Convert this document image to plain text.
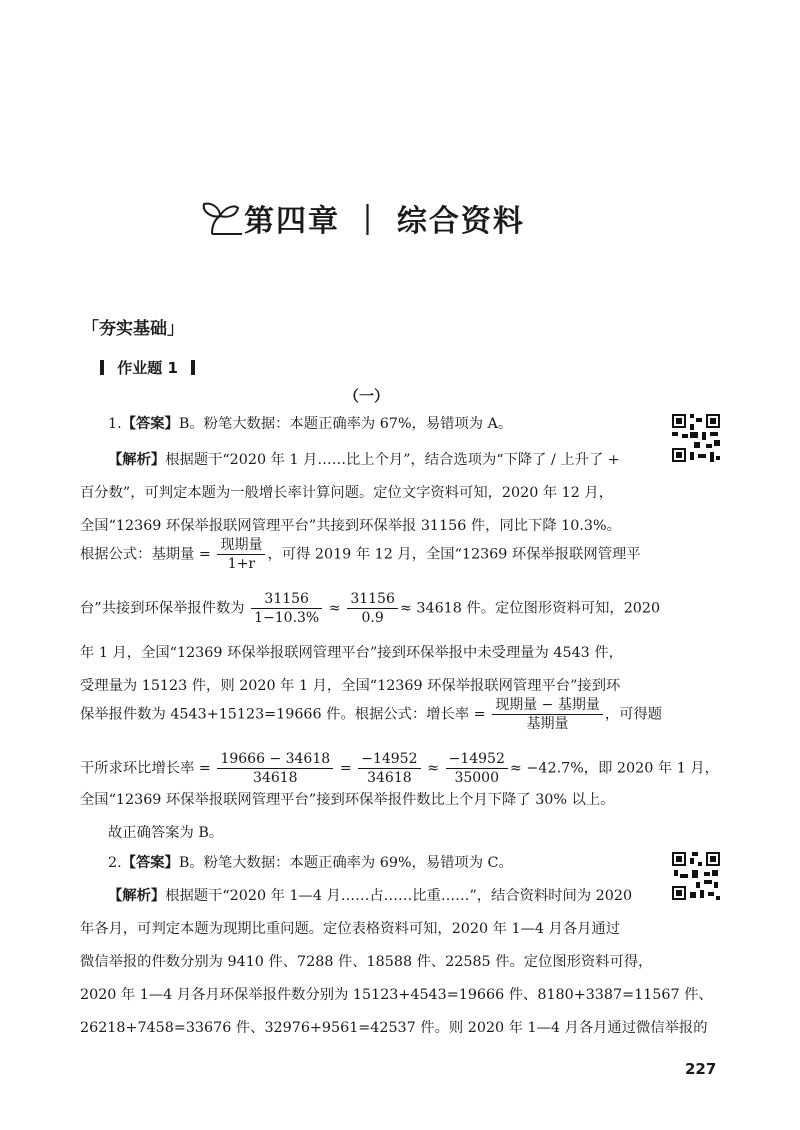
第四章 ｜ 综合资料
「夯实基础」
作业题 1
（一）
1.【答案】B。粉笔大数据：本题正确率为 67%，易错项为 A。
【解析】根据题干“2020 年 1 月……比上个月”，结合选项为“下降了 / 上升了 +
百分数”，可判定本题为一般增长率计算问题。定位文字资料可知，2020 年 12 月，
全国“12369 环保举报联网管理平台”共接到环保举报 31156 件，同比下降 10.3%。
根据公式：基期量 = $\frac{\text{现期量}}{1+r}$ ，可得 2019 年 12 月，全国“12369 环保举报联网管理平
台”共接到环保举报件数为 $\frac{31156}{1-10.3\%} \approx \frac{31156}{0.9} \approx 34618$ 件。定位图形资料可知，2020
年 1 月，全国“12369 环保举报联网管理平台”接到环保举报中未受理量为 4543 件，
受理量为 15123 件，则 2020 年 1 月，全国“12369 环保举报联网管理平台”接到环
保举报件数为 4543+15123=19666 件。根据公式：增长率 = $\frac{\text{现期量 − 基期量}}{\text{基期量}}$ ，可得题
干所求环比增长率 = $\frac{19666 - 34618}{34618} = \frac{-14952}{34618} \approx \frac{-14952}{35000} \approx -42.7\%$，即 2020 年 1 月，
全国“12369 环保举报联网管理平台”接到环保举报件数比上个月下降了 30% 以上。
故正确答案为 B。
2.【答案】B。粉笔大数据：本题正确率为 69%，易错项为 C。
【解析】根据题干“2020 年 1—4 月……占……比重……”，结合资料时间为 2020
年各月，可判定本题为现期比重问题。定位表格资料可知，2020 年 1—4 月各月通过
微信举报的件数分别为 9410 件、7288 件、18588 件、22585 件。定位图形资料可得，
2020 年 1—4 月各月环保举报件数分别为 15123+4543=19666 件、8180+3387=11567 件、
26218+7458=33676 件、32976+9561=42537 件。则 2020 年 1—4 月各月通过微信举报的
227
